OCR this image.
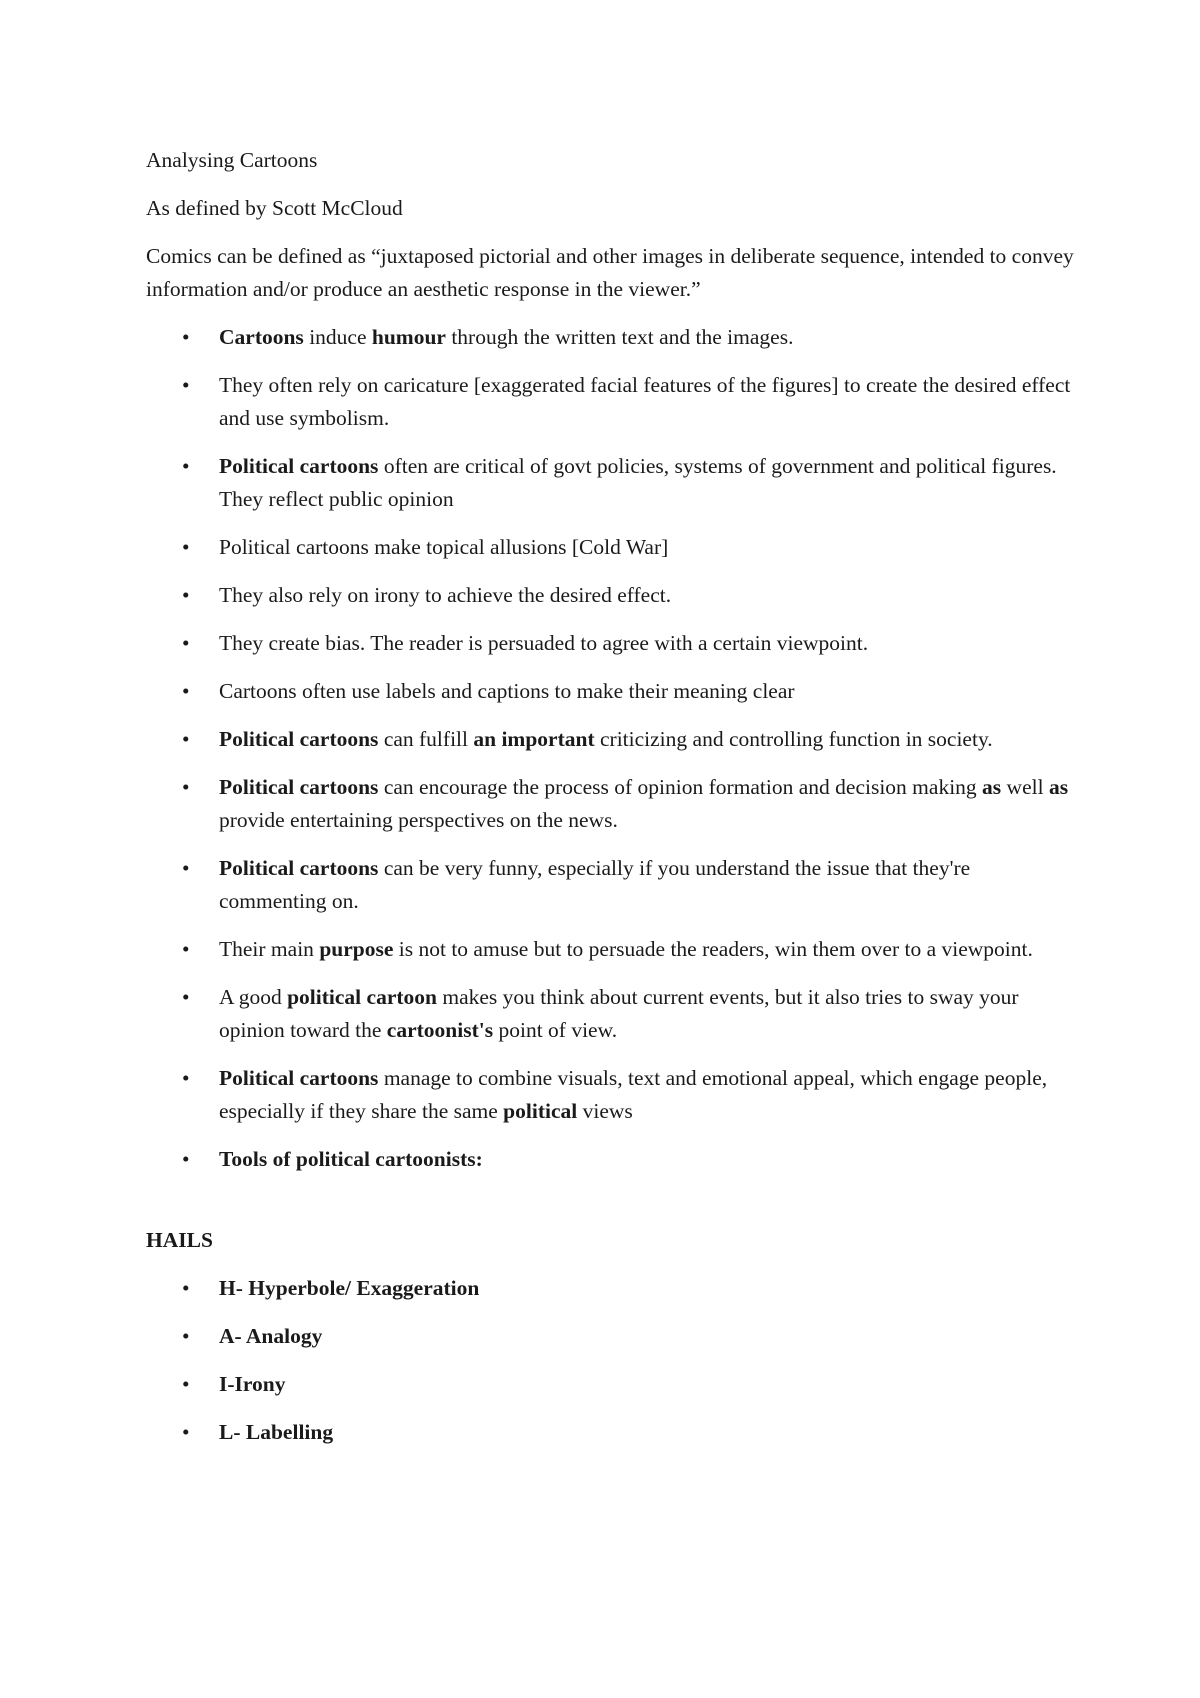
Analysing Cartoons

As defined by Scott McCloud

Comics can be defined as “juxtaposed pictorial and other images in deliberate sequence, intended to convey information and/or produce an aesthetic response in the viewer.”

• Cartoons induce humour through the written text and the images.
• They often rely on caricature [exaggerated facial features of the figures] to create the desired effect and use symbolism.
• Political cartoons often are critical of govt policies, systems of government and political figures. They reflect public opinion
• Political cartoons make topical allusions [Cold War]
• They also rely on irony to achieve the desired effect.
• They create bias. The reader is persuaded to agree with a certain viewpoint.
• Cartoons often use labels and captions to make their meaning clear
• Political cartoons can fulfill an important criticizing and controlling function in society.
• Political cartoons can encourage the process of opinion formation and decision making as well as provide entertaining perspectives on the news.
• Political cartoons can be very funny, especially if you understand the issue that they're commenting on.
• Their main purpose is not to amuse but to persuade the readers, win them over to a viewpoint.
• A good political cartoon makes you think about current events, but it also tries to sway your opinion toward the cartoonist's point of view.
• Political cartoons manage to combine visuals, text and emotional appeal, which engage people, especially if they share the same political views
• Tools of political cartoonists:

HAILS

• H- Hyperbole/ Exaggeration
• A- Analogy
• I-Irony
• L- Labelling
